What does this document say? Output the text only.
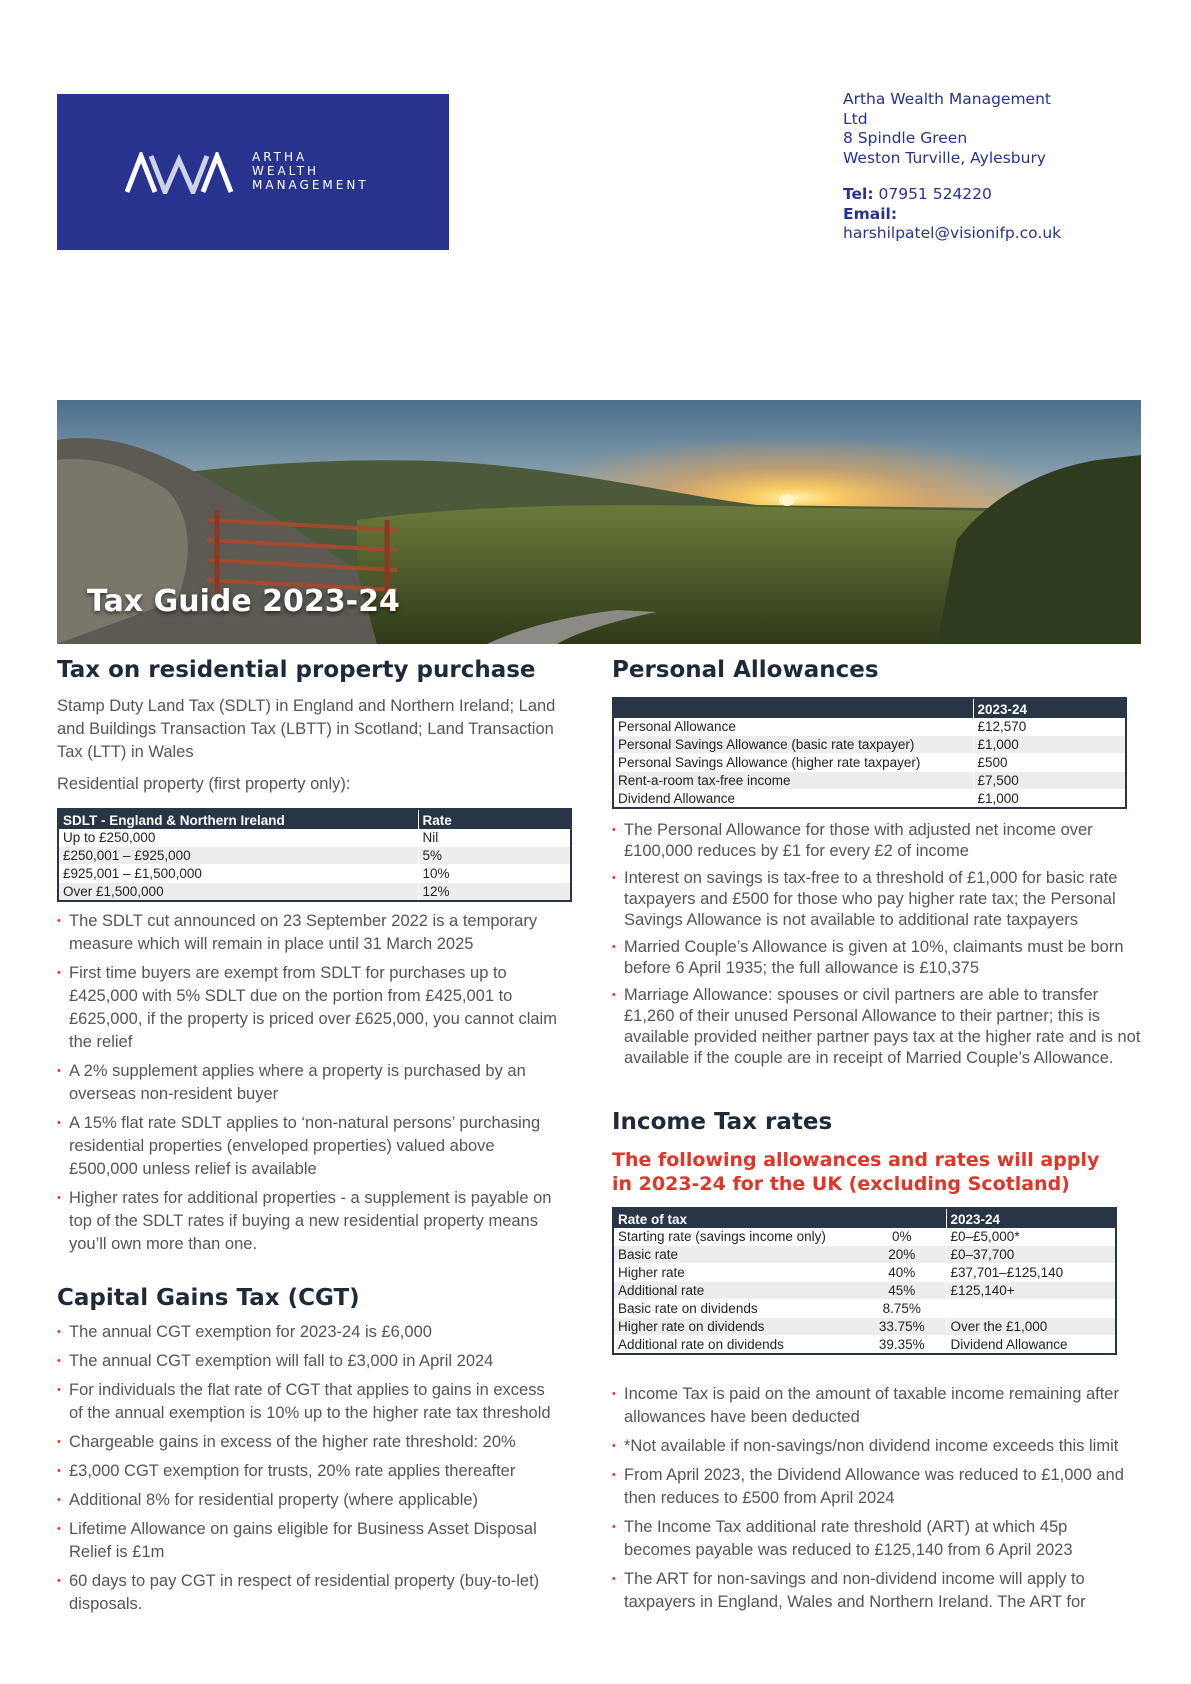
ARTHA
WEALTH
MANAGEMENT
Artha Wealth Management
Ltd
8 Spindle Green
Weston Turville, Aylesbury
Tel: 07951 524220
Email:
harshilpatel@visionifp.co.uk
Tax Guide 2023-24
Tax on residential property purchase

Stamp Duty Land Tax (SDLT) in England and Northern Ireland; Land and Buildings Transaction Tax (LBTT) in Scotland; Land Transaction Tax (LTT) in Wales

Residential property (first property only):

SDLT - England & Northern Ireland	Rate
Up to £250,000	Nil
£250,001 – £925,000	5%
£925,001 – £1,500,000	10%
Over £1,500,000	12%
• The SDLT cut announced on 23 September 2022 is a temporary measure which will remain in place until 31 March 2025
• First time buyers are exempt from SDLT for purchases up to £425,000 with 5% SDLT due on the portion from £425,001 to £625,000, if the property is priced over £625,000, you cannot claim the relief
• A 2% supplement applies where a property is purchased by an overseas non-resident buyer
• A 15% flat rate SDLT applies to ‘non-natural persons’ purchasing residential properties (enveloped properties) valued above £500,000 unless relief is available
• Higher rates for additional properties - a supplement is payable on top of the SDLT rates if buying a new residential property means you’ll own more than one.
Capital Gains Tax (CGT)
• The annual CGT exemption for 2023-24 is £6,000
• The annual CGT exemption will fall to £3,000 in April 2024
• For individuals the flat rate of CGT that applies to gains in excess of the annual exemption is 10% up to the higher rate tax threshold
• Chargeable gains in excess of the higher rate threshold: 20%
• £3,000 CGT exemption for trusts, 20% rate applies thereafter
• Additional 8% for residential property (where applicable)
• Lifetime Allowance on gains eligible for Business Asset Disposal Relief is £1m
• 60 days to pay CGT in respect of residential property (buy-to-let) disposals.
Personal Allowances
	2023-24
Personal Allowance	£12,570
Personal Savings Allowance (basic rate taxpayer)	£1,000
Personal Savings Allowance (higher rate taxpayer)	£500
Rent-a-room tax-free income	£7,500
Dividend Allowance	£1,000
• The Personal Allowance for those with adjusted net income over £100,000 reduces by £1 for every £2 of income
• Interest on savings is tax-free to a threshold of £1,000 for basic rate taxpayers and £500 for those who pay higher rate tax; the Personal Savings Allowance is not available to additional rate taxpayers
• Married Couple’s Allowance is given at 10%, claimants must be born before 6 April 1935; the full allowance is £10,375
• Marriage Allowance: spouses or civil partners are able to transfer £1,260 of their unused Personal Allowance to their partner; this is available provided neither partner pays tax at the higher rate and is not available if the couple are in receipt of Married Couple’s Allowance.
Income Tax rates

The following allowances and rates will apply in 2023-24 for the UK (excluding Scotland)

Rate of tax		2023-24
Starting rate (savings income only)	0%	£0–£5,000*
Basic rate	20%	£0–37,700
Higher rate	40%	£37,701–£125,140
Additional rate	45%	£125,140+
Basic rate on dividends	8.75%	
Higher rate on dividends	33.75%	Over the £1,000
Additional rate on dividends	39.35%	Dividend Allowance
• Income Tax is paid on the amount of taxable income remaining after allowances have been deducted
• *Not available if non-savings/non dividend income exceeds this limit
• From April 2023, the Dividend Allowance was reduced to £1,000 and then reduces to £500 from April 2024
• The Income Tax additional rate threshold (ART) at which 45p becomes payable was reduced to £125,140 from 6 April 2023
• The ART for non-savings and non-dividend income will apply to taxpayers in England, Wales and Northern Ireland. The ART for
